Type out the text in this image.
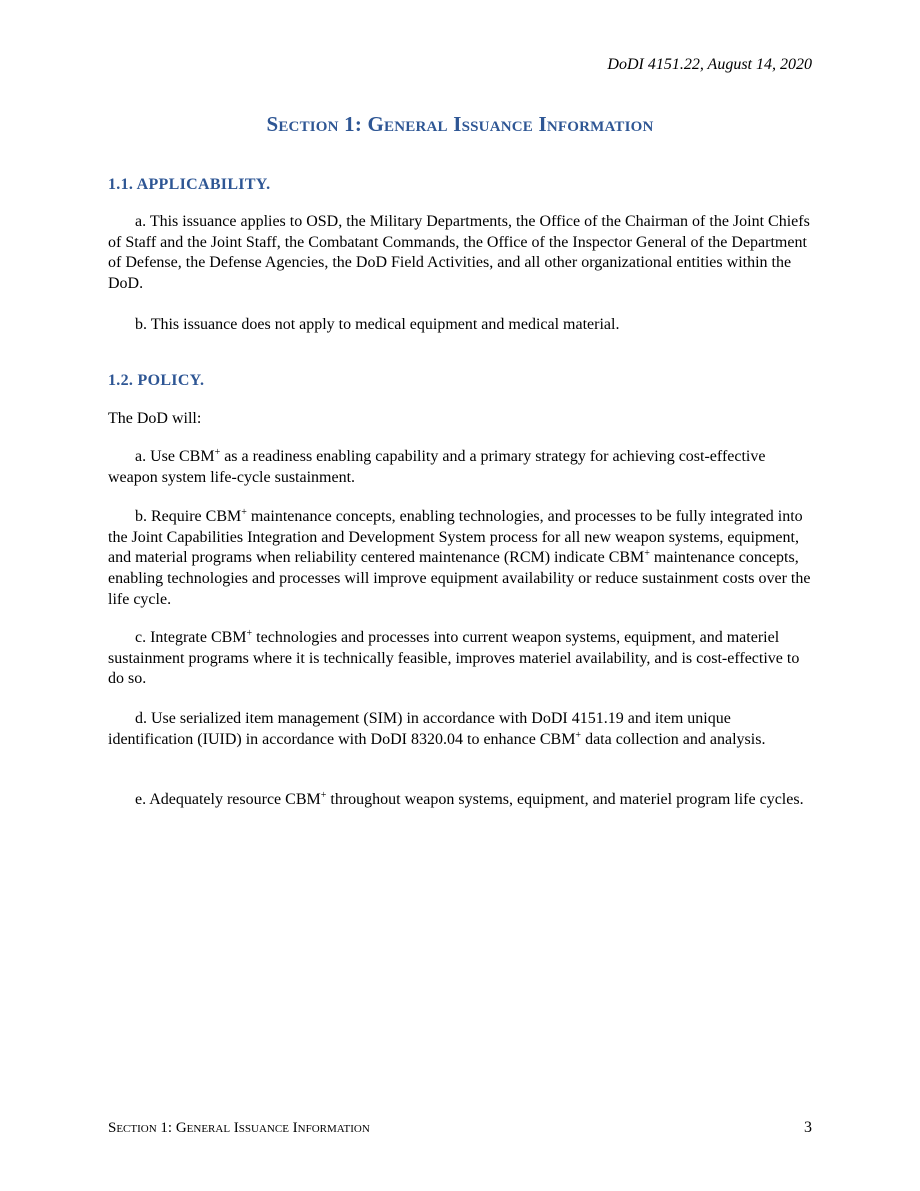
DoDI 4151.22, August 14, 2020
Section 1: General Issuance Information
1.1. APPLICABILITY.

a. This issuance applies to OSD, the Military Departments, the Office of the Chairman of the Joint Chiefs of Staff and the Joint Staff, the Combatant Commands, the Office of the Inspector General of the Department of Defense, the Defense Agencies, the DoD Field Activities, and all other organizational entities within the DoD.

b. This issuance does not apply to medical equipment and medical material.

1.2. POLICY.

The DoD will:

a. Use CBM+ as a readiness enabling capability and a primary strategy for achieving cost-effective weapon system life-cycle sustainment.

b. Require CBM+ maintenance concepts, enabling technologies, and processes to be fully integrated into the Joint Capabilities Integration and Development System process for all new weapon systems, equipment, and material programs when reliability centered maintenance (RCM) indicate CBM+ maintenance concepts, enabling technologies and processes will improve equipment availability or reduce sustainment costs over the life cycle.

c. Integrate CBM+ technologies and processes into current weapon systems, equipment, and materiel sustainment programs where it is technically feasible, improves materiel availability, and is cost-effective to do so.

d. Use serialized item management (SIM) in accordance with DoDI 4151.19 and item unique identification (IUID) in accordance with DoDI 8320.04 to enhance CBM+ data collection and analysis.

e. Adequately resource CBM+ throughout weapon systems, equipment, and materiel program life cycles.

Section 1: General Issuance Information	3
